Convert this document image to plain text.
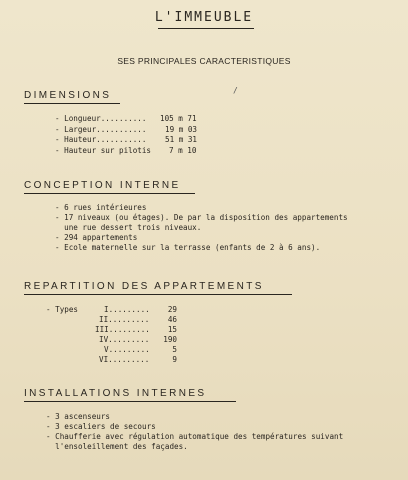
L'IMMEUBLE
SES PRINCIPALES CARACTERISTIQUES
DIMENSIONS	/
- Longueur.......... 105 m 71
- Largeur........... 19 m 03
- Hauteur........... 51 m 31
- Hauteur sur pilotis 7 m 10
CONCEPTION INTERNE
- 6 rues intérieures
- 17 niveaux (ou étages). De par la disposition des appartements
une rue dessert trois niveaux.
- 294 appartements
- Ecole maternelle sur la terrasse (enfants de 2 à 6 ans).
REPARTITION DES APPARTEMENTS
- Types	I.........	29
II.........	46
III.........	15
IV.........	190
V.........	5
VI.........	9
INSTALLATIONS INTERNES
- 3 ascenseurs
- 3 escaliers de secours
- Chaufferie avec régulation automatique des températures suivant
l'ensoleillement des façades.
